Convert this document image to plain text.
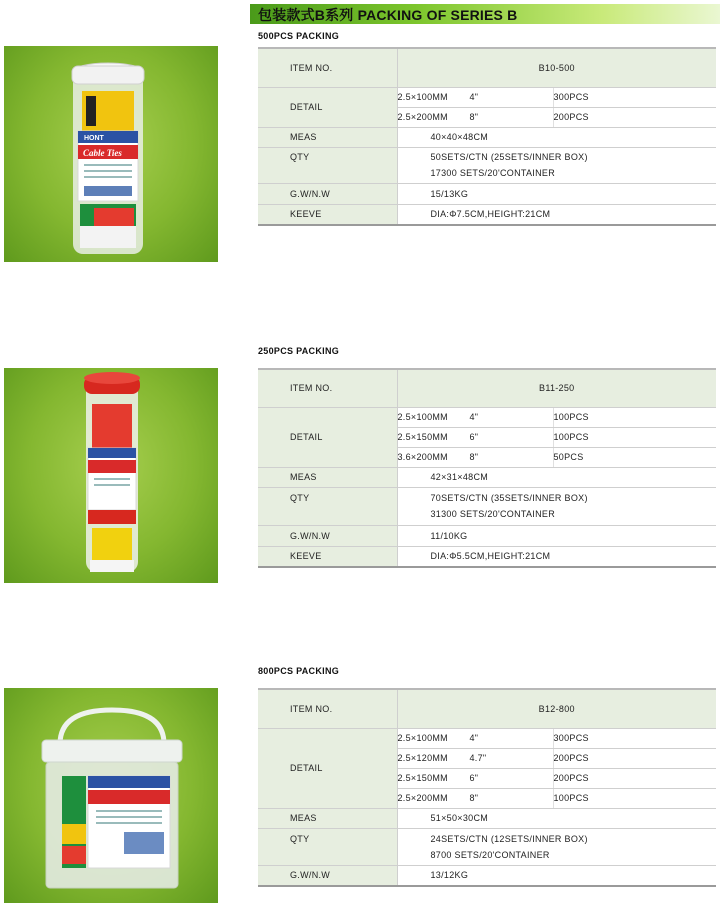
包装款式B系列 PACKING OF SERIES B
500PCS PACKING
HONT
Cable Ties
ITEM NO.	B10-500	
DETAIL	2.5×100MM 4"	300PCS
	2.5×200MM 8"	200PCS
MEAS	40×40×48CM	
QTY	50SETS/CTN (25SETS/INNER BOX)
17300 SETS/20'CONTAINER	

G.W/N.W	15/13KG	
KEEVE	DIA:Φ7.5CM,HEIGHT:21CM	
250PCS PACKING
ITEM NO.	B11-250	
DETAIL	2.5×100MM 4"	100PCS
	2.5×150MM 6"	100PCS
	3.6×200MM 8"	50PCS
MEAS	42×31×48CM	
QTY	70SETS/CTN (35SETS/INNER BOX)
31300 SETS/20'CONTAINER	

G.W/N.W	11/10KG	
KEEVE	DIA:Φ5.5CM,HEIGHT:21CM	
800PCS PACKING
ITEM NO.	B12-800	
DETAIL	2.5×100MM 4"	300PCS
	2.5×120MM 4.7"	200PCS
	2.5×150MM 6"	200PCS
	2.5×200MM 8"	100PCS
MEAS	51×50×30CM	
QTY	24SETS/CTN (12SETS/INNER BOX)
8700 SETS/20'CONTAINER	

G.W/N.W	13/12KG	
